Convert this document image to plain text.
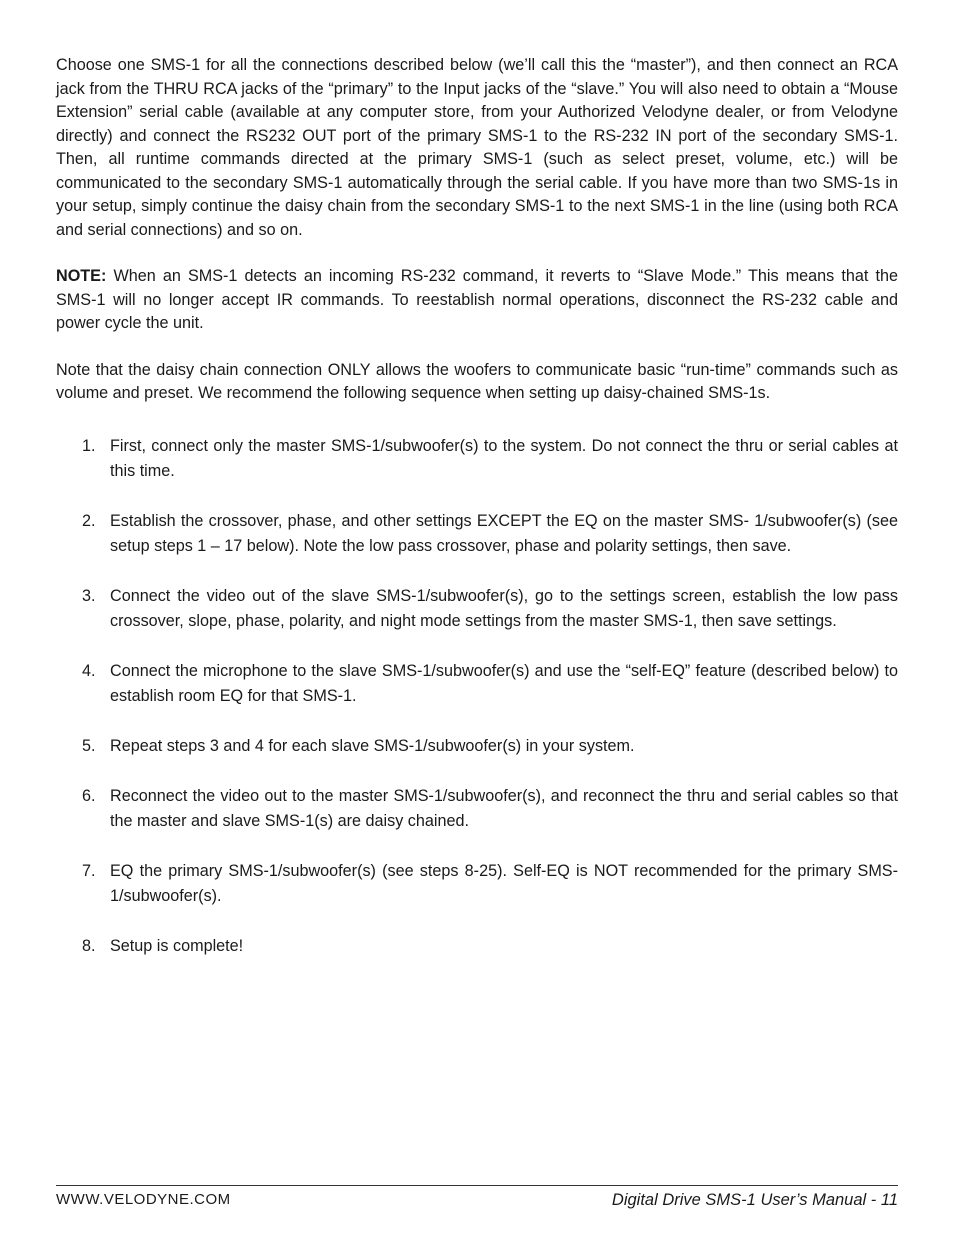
Choose one SMS-1 for all the connections described below (we’ll call this the “master”), and then connect an RCA jack from the THRU RCA jacks of the “primary” to the Input jacks of the “slave.” You will also need to obtain a “Mouse Extension” serial cable (available at any computer store, from your Authorized Velodyne dealer, or from Velodyne directly) and connect the RS232 OUT port of the primary SMS-1 to the RS-232 IN port of the secondary SMS-1. Then, all runtime commands directed at the primary SMS-1 (such as select preset, volume, etc.) will be communicated to the secondary SMS-1 automatically through the serial cable. If you have more than two SMS-1s in your setup, simply continue the daisy chain from the secondary SMS-1 to the next SMS-1 in the line (using both RCA and serial connections) and so on.

NOTE: When an SMS-1 detects an incoming RS-232 command, it reverts to “Slave Mode.” This means that the SMS-1 will no longer accept IR commands. To reestablish normal operations, disconnect the RS-232 cable and power cycle the unit.

Note that the daisy chain connection ONLY allows the woofers to communicate basic “run-time” commands such as volume and preset. We recommend the following sequence when setting up daisy-chained SMS-1s.

1. First, connect only the master SMS-1/subwoofer(s) to the system. Do not connect the thru or serial cables at this time.
2. Establish the crossover, phase, and other settings EXCEPT the EQ on the master SMS- 1/subwoofer(s) (see setup steps 1 – 17 below). Note the low pass crossover, phase and polarity settings, then save.
3. Connect the video out of the slave SMS-1/subwoofer(s), go to the settings screen, establish the low pass crossover, slope, phase, polarity, and night mode settings from the master SMS-1, then save settings.
4. Connect the microphone to the slave SMS-1/subwoofer(s) and use the “self-EQ” feature (described below) to establish room EQ for that SMS-1.
5. Repeat steps 3 and 4 for each slave SMS-1/subwoofer(s) in your system.
6. Reconnect the video out to the master SMS-1/subwoofer(s), and reconnect the thru and serial cables so that the master and slave SMS-1(s) are daisy chained.
7. EQ the primary SMS-1/subwoofer(s) (see steps 8-25). Self-EQ is NOT recommended for the primary SMS-1/subwoofer(s).
8. Setup is complete!
WWW.VELODYNE.COM	Digital Drive SMS-1 User’s Manual - 11
